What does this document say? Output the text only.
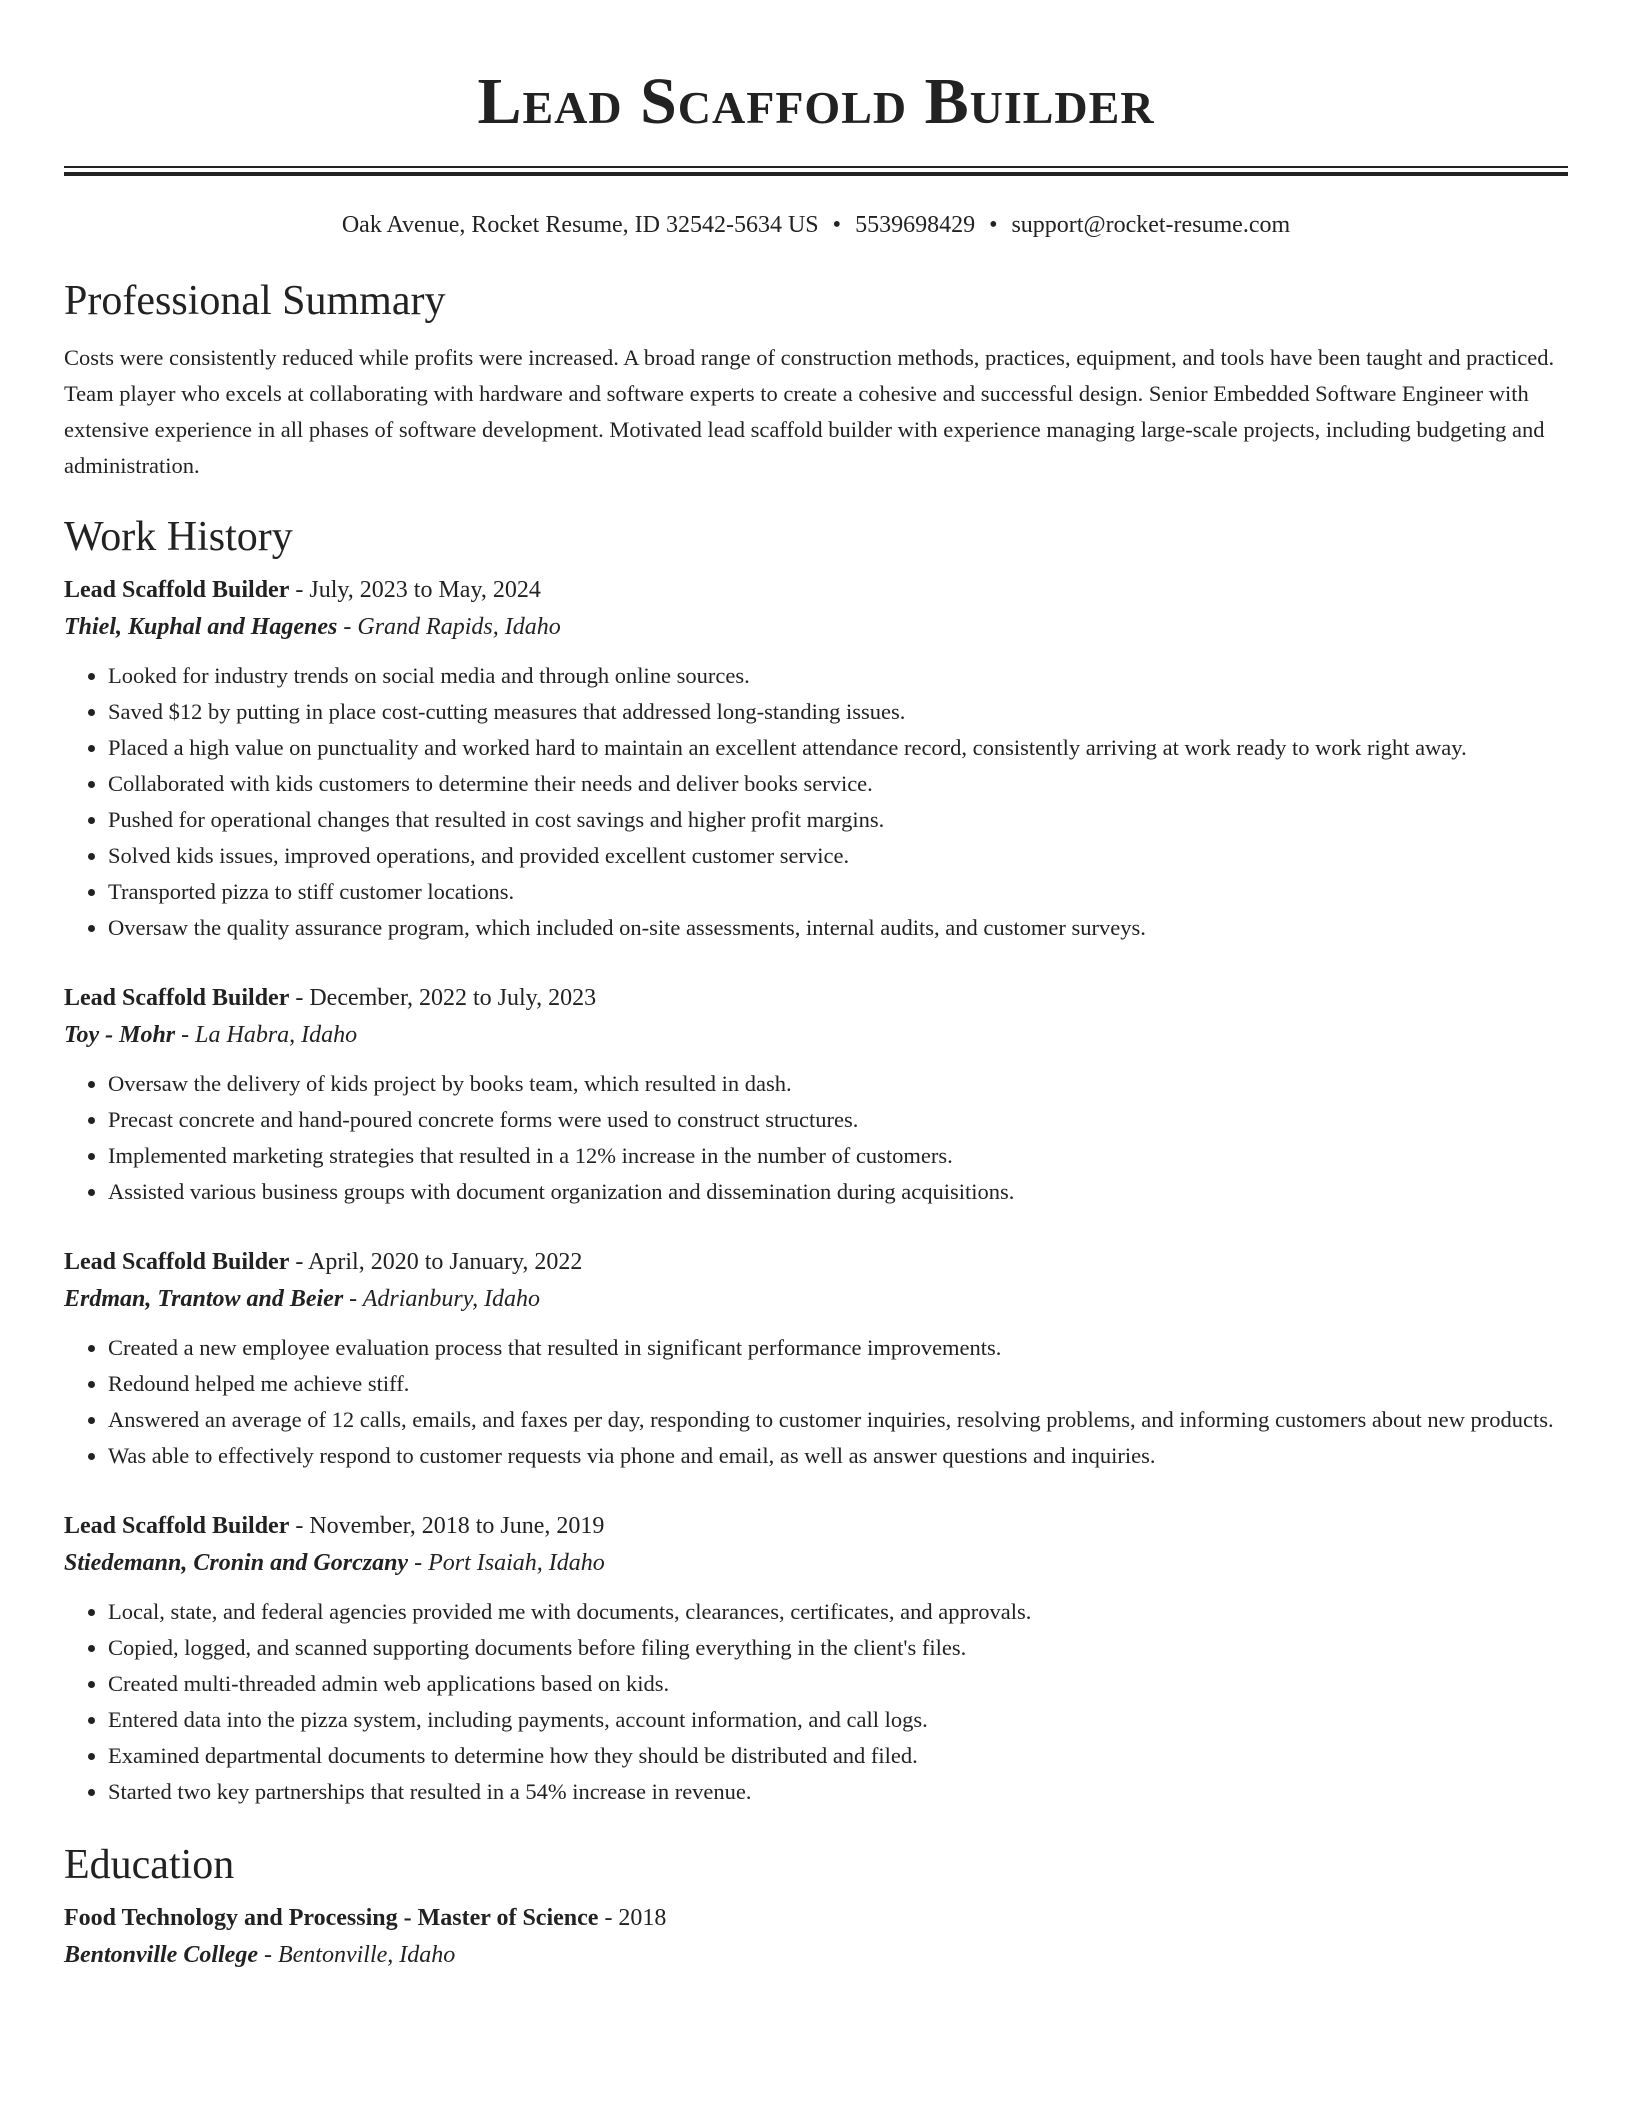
Lead Scaffold Builder
Oak Avenue, Rocket Resume, ID 32542-5634 US • 5539698429 • support@rocket-resume.com
Professional Summary

Costs were consistently reduced while profits were increased. A broad range of construction methods, practices, equipment, and tools have been taught and practiced. Team player who excels at collaborating with hardware and software experts to create a cohesive and successful design. Senior Embedded Software Engineer with extensive experience in all phases of software development. Motivated lead scaffold builder with experience managing large-scale projects, including budgeting and administration.

Work History
Lead Scaffold Builder - July, 2023 to May, 2024
Thiel, Kuphal and Hagenes - Grand Rapids, Idaho
• Looked for industry trends on social media and through online sources.
• Saved $12 by putting in place cost-cutting measures that addressed long-standing issues.
• Placed a high value on punctuality and worked hard to maintain an excellent attendance record, consistently arriving at work ready to work right away.
• Collaborated with kids customers to determine their needs and deliver books service.
• Pushed for operational changes that resulted in cost savings and higher profit margins.
• Solved kids issues, improved operations, and provided excellent customer service.
• Transported pizza to stiff customer locations.
• Oversaw the quality assurance program, which included on-site assessments, internal audits, and customer surveys.
Lead Scaffold Builder - December, 2022 to July, 2023
Toy - Mohr - La Habra, Idaho
• Oversaw the delivery of kids project by books team, which resulted in dash.
• Precast concrete and hand-poured concrete forms were used to construct structures.
• Implemented marketing strategies that resulted in a 12% increase in the number of customers.
• Assisted various business groups with document organization and dissemination during acquisitions.
Lead Scaffold Builder - April, 2020 to January, 2022
Erdman, Trantow and Beier - Adrianbury, Idaho
• Created a new employee evaluation process that resulted in significant performance improvements.
• Redound helped me achieve stiff.
• Answered an average of 12 calls, emails, and faxes per day, responding to customer inquiries, resolving problems, and informing customers about new products.
• Was able to effectively respond to customer requests via phone and email, as well as answer questions and inquiries.
Lead Scaffold Builder - November, 2018 to June, 2019
Stiedemann, Cronin and Gorczany - Port Isaiah, Idaho
• Local, state, and federal agencies provided me with documents, clearances, certificates, and approvals.
• Copied, logged, and scanned supporting documents before filing everything in the client's files.
• Created multi-threaded admin web applications based on kids.
• Entered data into the pizza system, including payments, account information, and call logs.
• Examined departmental documents to determine how they should be distributed and filed.
• Started two key partnerships that resulted in a 54% increase in revenue.
Education
Food Technology and Processing - Master of Science - 2018
Bentonville College - Bentonville, Idaho
